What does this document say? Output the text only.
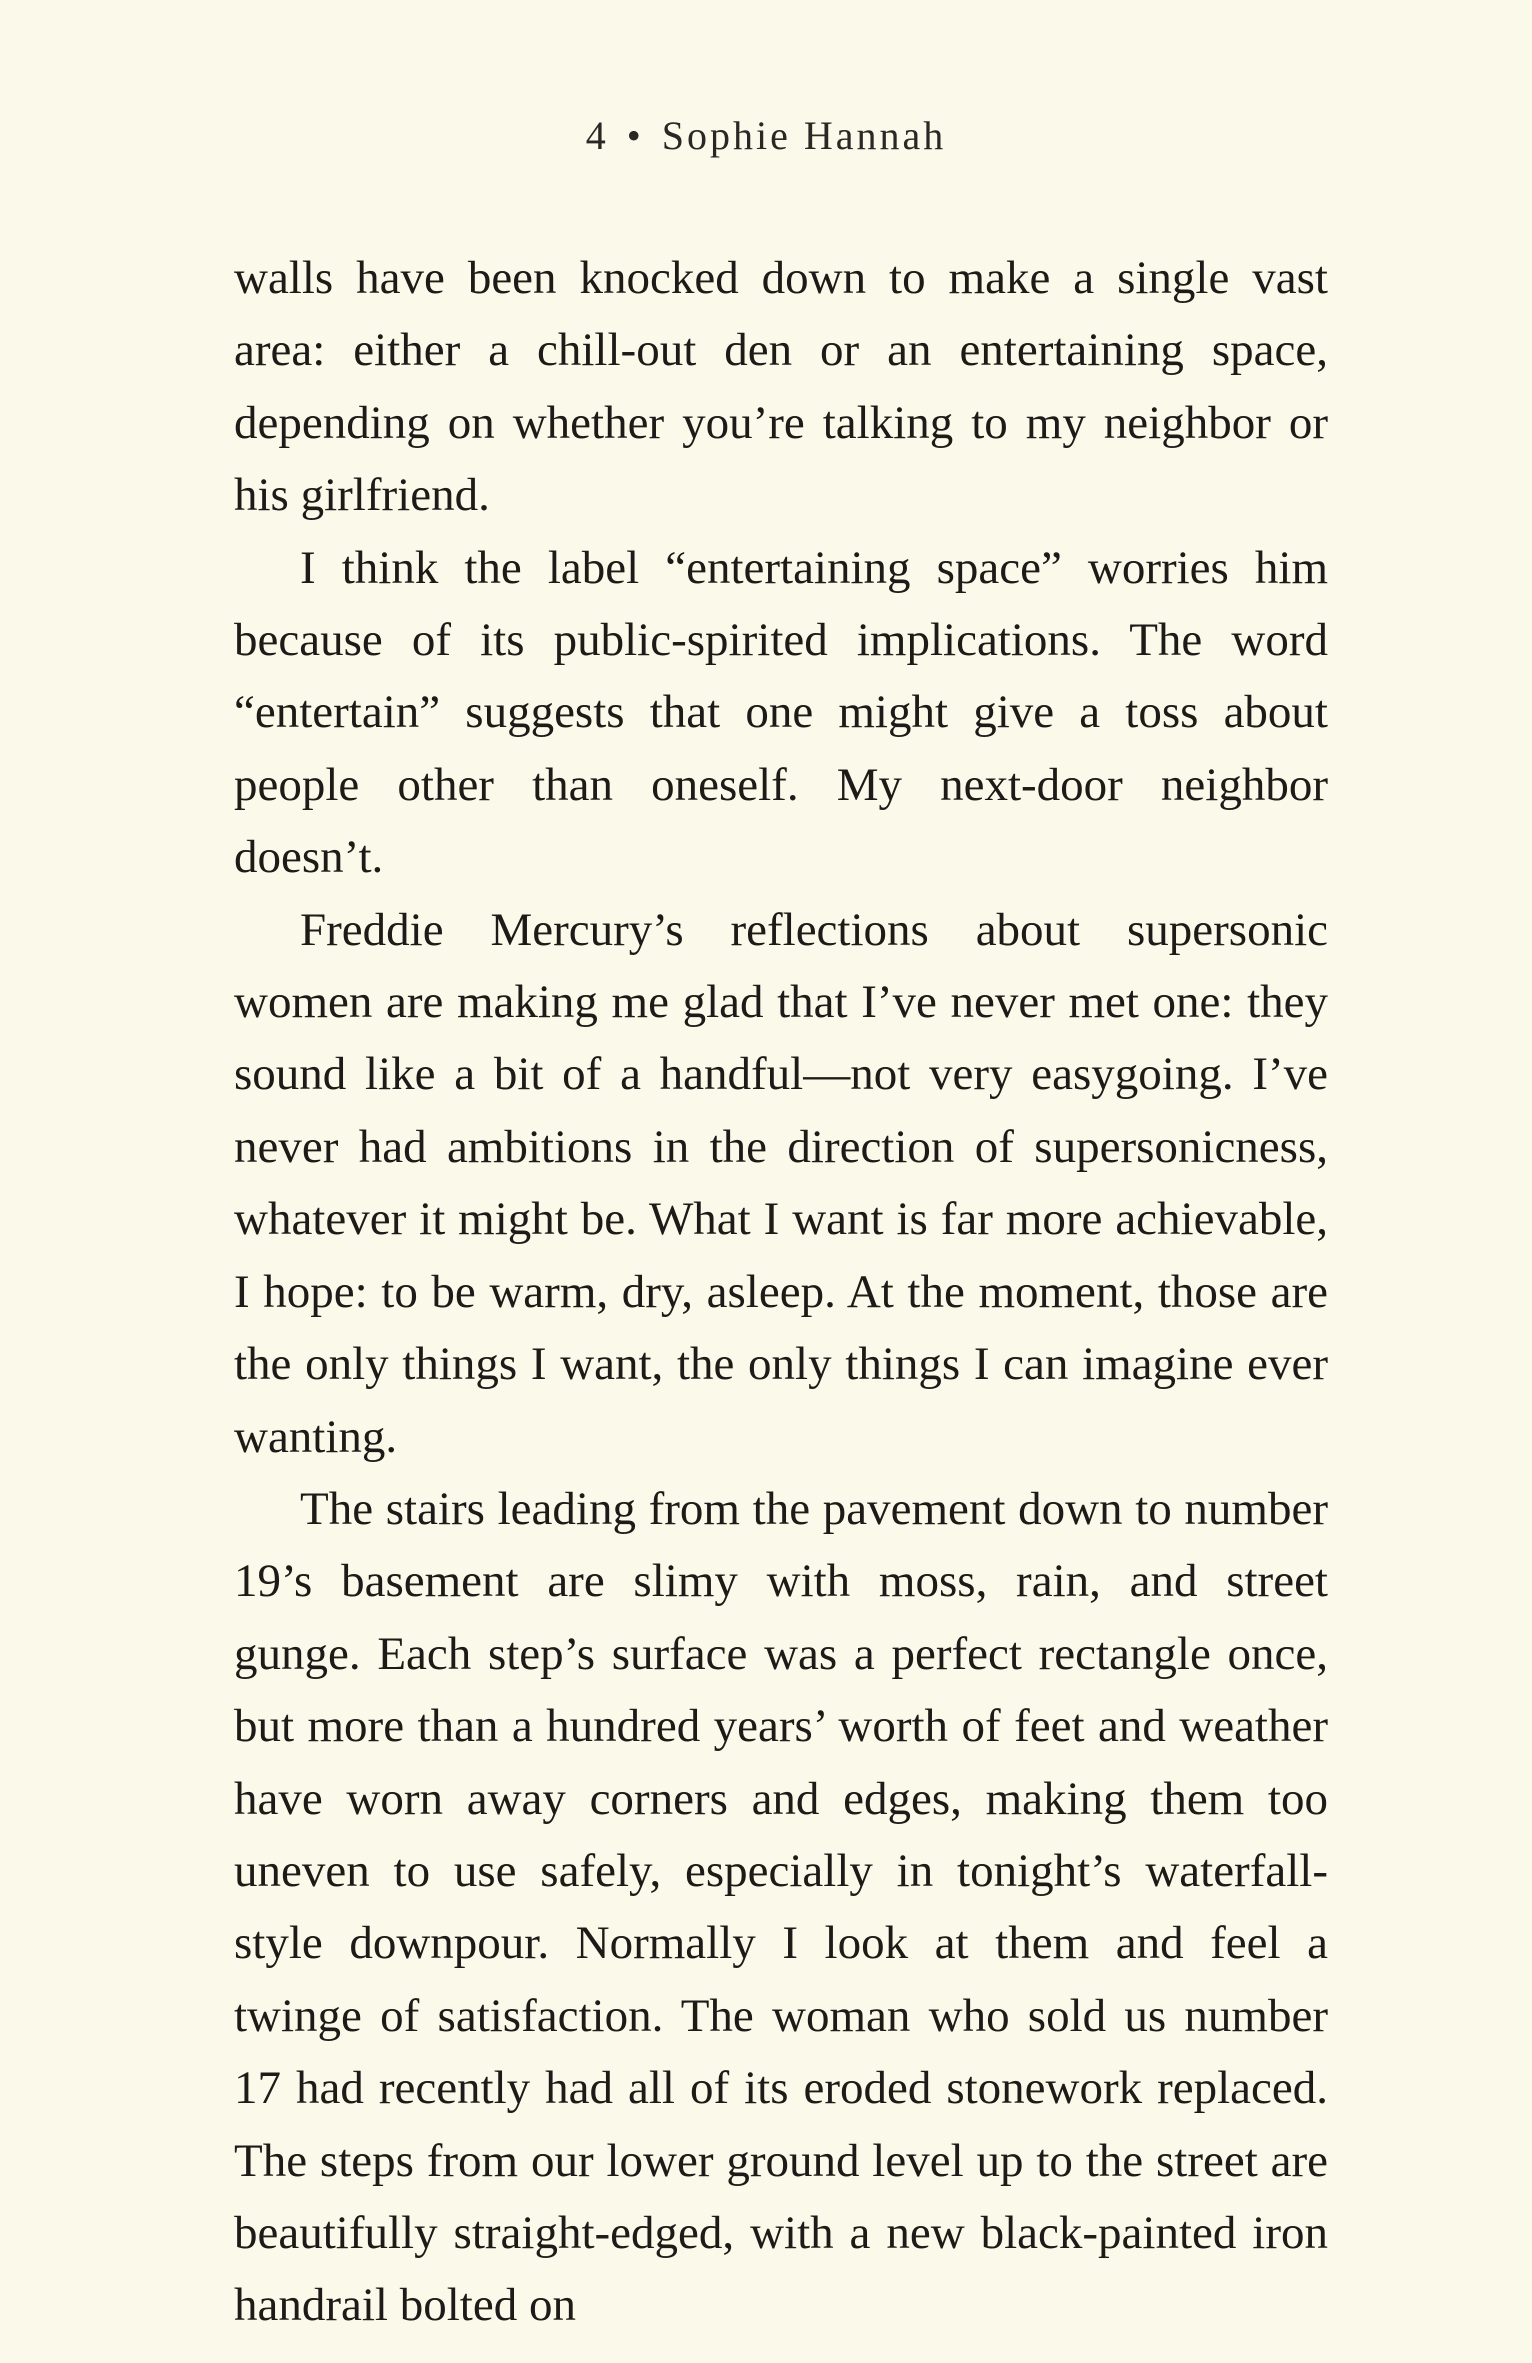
4 • Sophie Hannah

walls have been knocked down to make a single vast area: either a chill-out den or an entertaining space, depending on whether you’re talking to my neighbor or his girlfriend.

I think the label “entertaining space” worries him because of its public-spirited implications. The word “entertain” suggests that one might give a toss about people other than oneself. My next-door neighbor doesn’t.

Freddie Mercury’s reflections about supersonic women are making me glad that I’ve never met one: they sound like a bit of a handful—not very easygoing. I’ve never had ambitions in the direction of supersonicness, whatever it might be. What I want is far more achievable, I hope: to be warm, dry, asleep. At the moment, those are the only things I want, the only things I can imagine ever wanting.

The stairs leading from the pavement down to number 19’s basement are slimy with moss, rain, and street gunge. Each step’s surface was a perfect rectangle once, but more than a hundred years’ worth of feet and weather have worn away corners and edges, making them too uneven to use safely, especially in tonight’s waterfall-style downpour. Normally I look at them and feel a twinge of satisfaction. The woman who sold us number 17 had recently had all of its eroded stonework replaced. The steps from our lower ground level up to the street are beautifully straight-edged, with a new black-painted iron handrail bolted on
